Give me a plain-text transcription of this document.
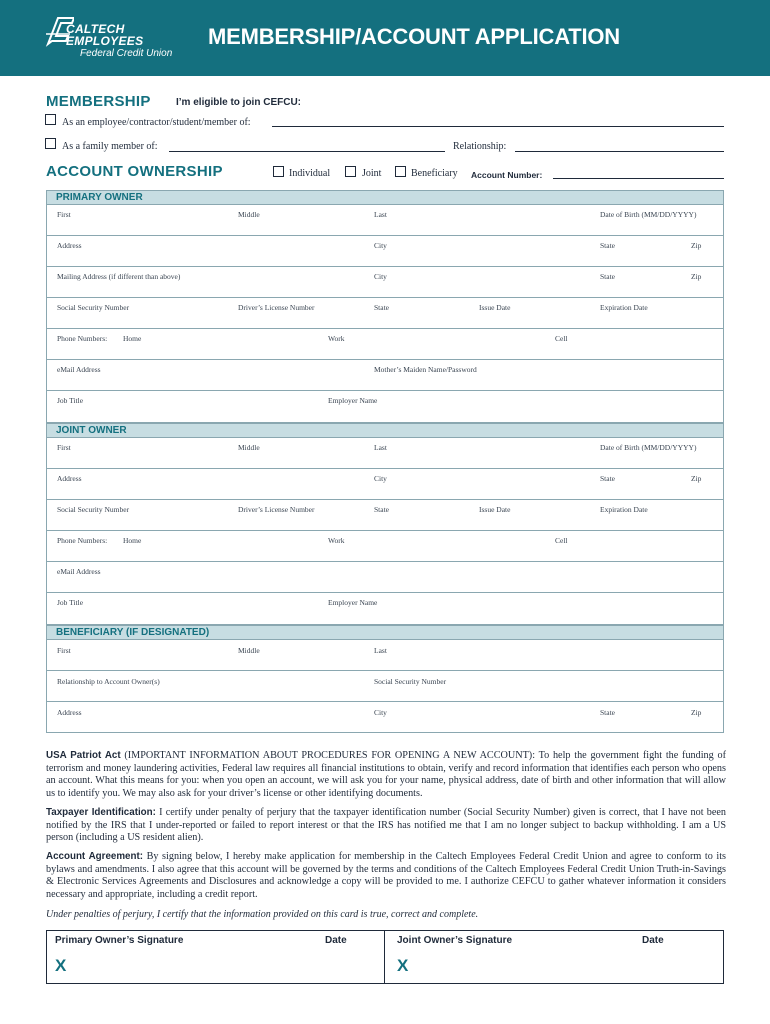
CALTECH
EMPLOYEES
Federal Credit Union
MEMBERSHIP/ACCOUNT APPLICATION
MEMBERSHIP	I’m eligible to join CEFCU:
As an employee/contractor/student/member of:
As a family member of:	Relationship:
ACCOUNT OWNERSHIP	Individual	Joint	Beneficiary Account Number:
PRIMARY OWNER
First	Middle	Last	Date of Birth (MM/DD/YYYY)
Address	City	State	Zip
Mailing Address (if different than above)	City	State	Zip
Social Security Number	Driver’s License Number	State	Issue Date	Expiration Date
Phone Numbers: Home	Work	Cell
eMail Address	Mother’s Maiden Name/Password
Job Title	Employer Name
JOINT OWNER
First	Middle	Last	Date of Birth (MM/DD/YYYY)
Address	City	State	Zip
Social Security Number	Driver’s License Number	State	Issue Date	Expiration Date
Phone Numbers: Home	Work	Cell
eMail Address
Job Title	Employer Name
BENEFICIARY (IF DESIGNATED)
First	Middle	Last
Relationship to Account Owner(s)	Social Security Number
Address	City	State	Zip
USA Patriot Act (IMPORTANT INFORMATION ABOUT PROCEDURES FOR OPENING A NEW ACCOUNT): To help the government fight the funding of terrorism and money laundering activities, Federal law requires all financial institutions to obtain, verify and record information that identifies each person who opens an account. What this means for you: when you open an account, we will ask you for your name, physical address, date of birth and other information that will allow us to identify you. We may also ask for your driver’s license or other identifying documents.
Taxpayer Identification: I certify under penalty of perjury that the taxpayer identification number (Social Security Number) given is correct, that I have not been notified by the IRS that I under-reported or failed to report interest or that the IRS has notified me that I am no longer subject to backup withholding. I am a US person (including a US resident alien).
Account Agreement: By signing below, I hereby make application for membership in the Caltech Employees Federal Credit Union and agree to conform to its bylaws and amendments. I also agree that this account will be governed by the terms and conditions of the Caltech Employees Federal Credit Union Truth-in-Savings & Electronic Services Agreements and Disclosures and acknowledge a copy will be provided to me. I authorize CEFCU to gather whatever information it considers necessary and appropriate, including a credit report.
Under penalties of perjury, I certify that the information provided on this card is true, correct and complete.
Primary Owner’s Signature	Date	Joint Owner’s Signature	Date
X	X
